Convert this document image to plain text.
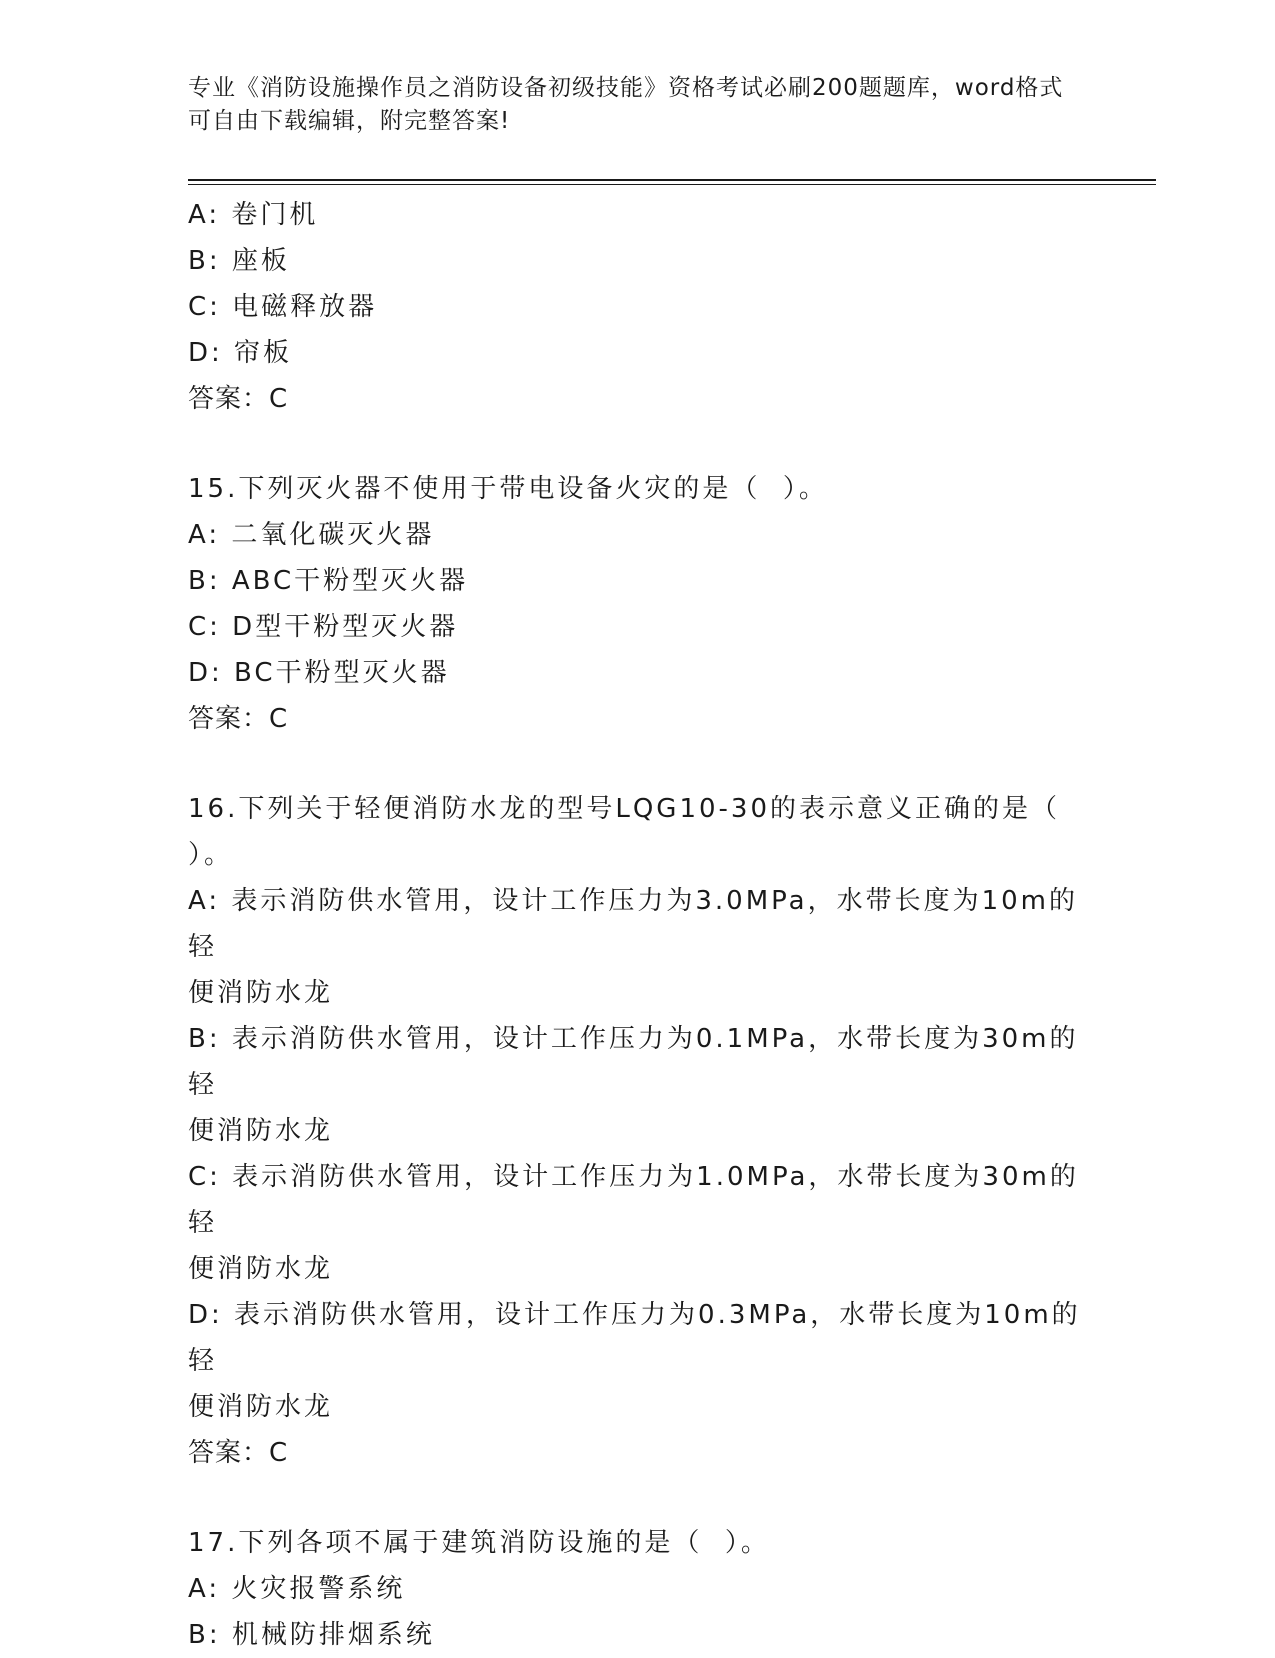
专业《消防设施操作员之消防设备初级技能》资格考试必刷200题题库，word格式可自由下载编辑，附完整答案!

A: 卷门机
B: 座板
C: 电磁释放器
D: 帘板
答案：C
15.下列灭火器不使用于带电设备火灾的是（  ）。
A: 二氧化碳灭火器
B: ABC干粉型灭火器
C: D型干粉型灭火器
D: BC干粉型灭火器
答案：C
16.下列关于轻便消防水龙的型号LQG10-30的表示意义正确的是（
）。
A: 表示消防供水管用，设计工作压力为3.0MPa，水带长度为10m的轻
便消防水龙
B: 表示消防供水管用，设计工作压力为0.1MPa，水带长度为30m的轻
便消防水龙
C: 表示消防供水管用，设计工作压力为1.0MPa，水带长度为30m的轻
便消防水龙
D: 表示消防供水管用，设计工作压力为0.3MPa，水带长度为10m的轻
便消防水龙
答案：C
17.下列各项不属于建筑消防设施的是（  ）。
A: 火灾报警系统
B: 机械防排烟系统
